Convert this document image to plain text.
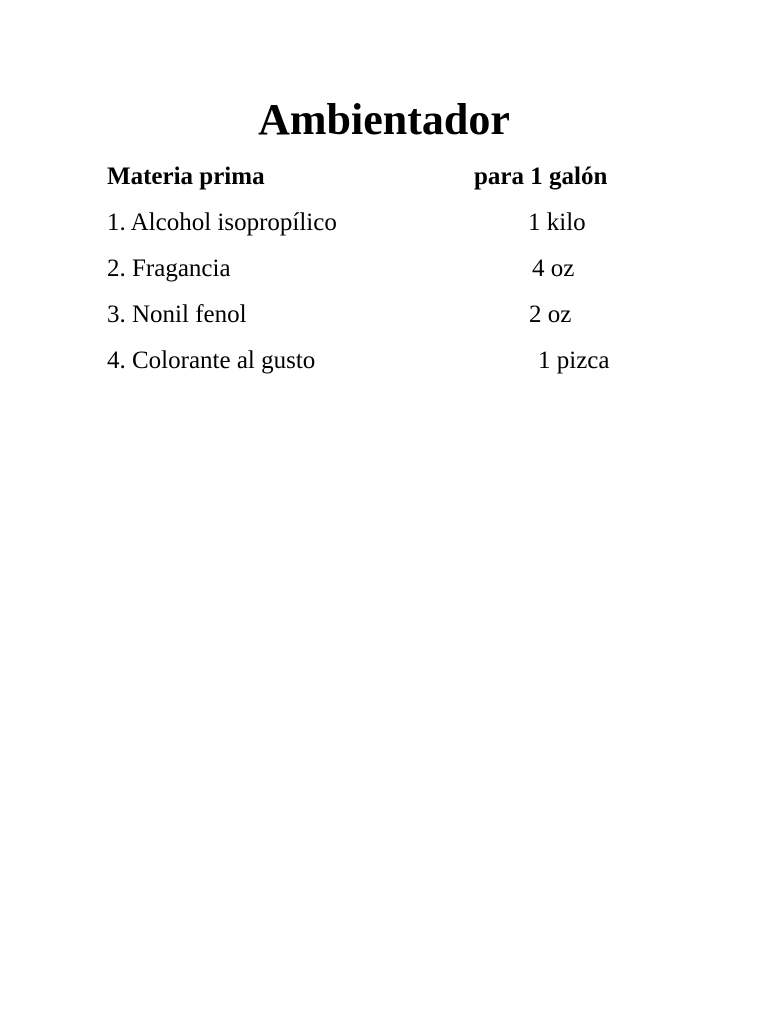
Ambientador
Materia prima	para 1 galón
1. Alcohol isopropílico	1 kilo
2. Fragancia	4 oz
3. Nonil fenol	2 oz
4. Colorante al gusto	1 pizca
